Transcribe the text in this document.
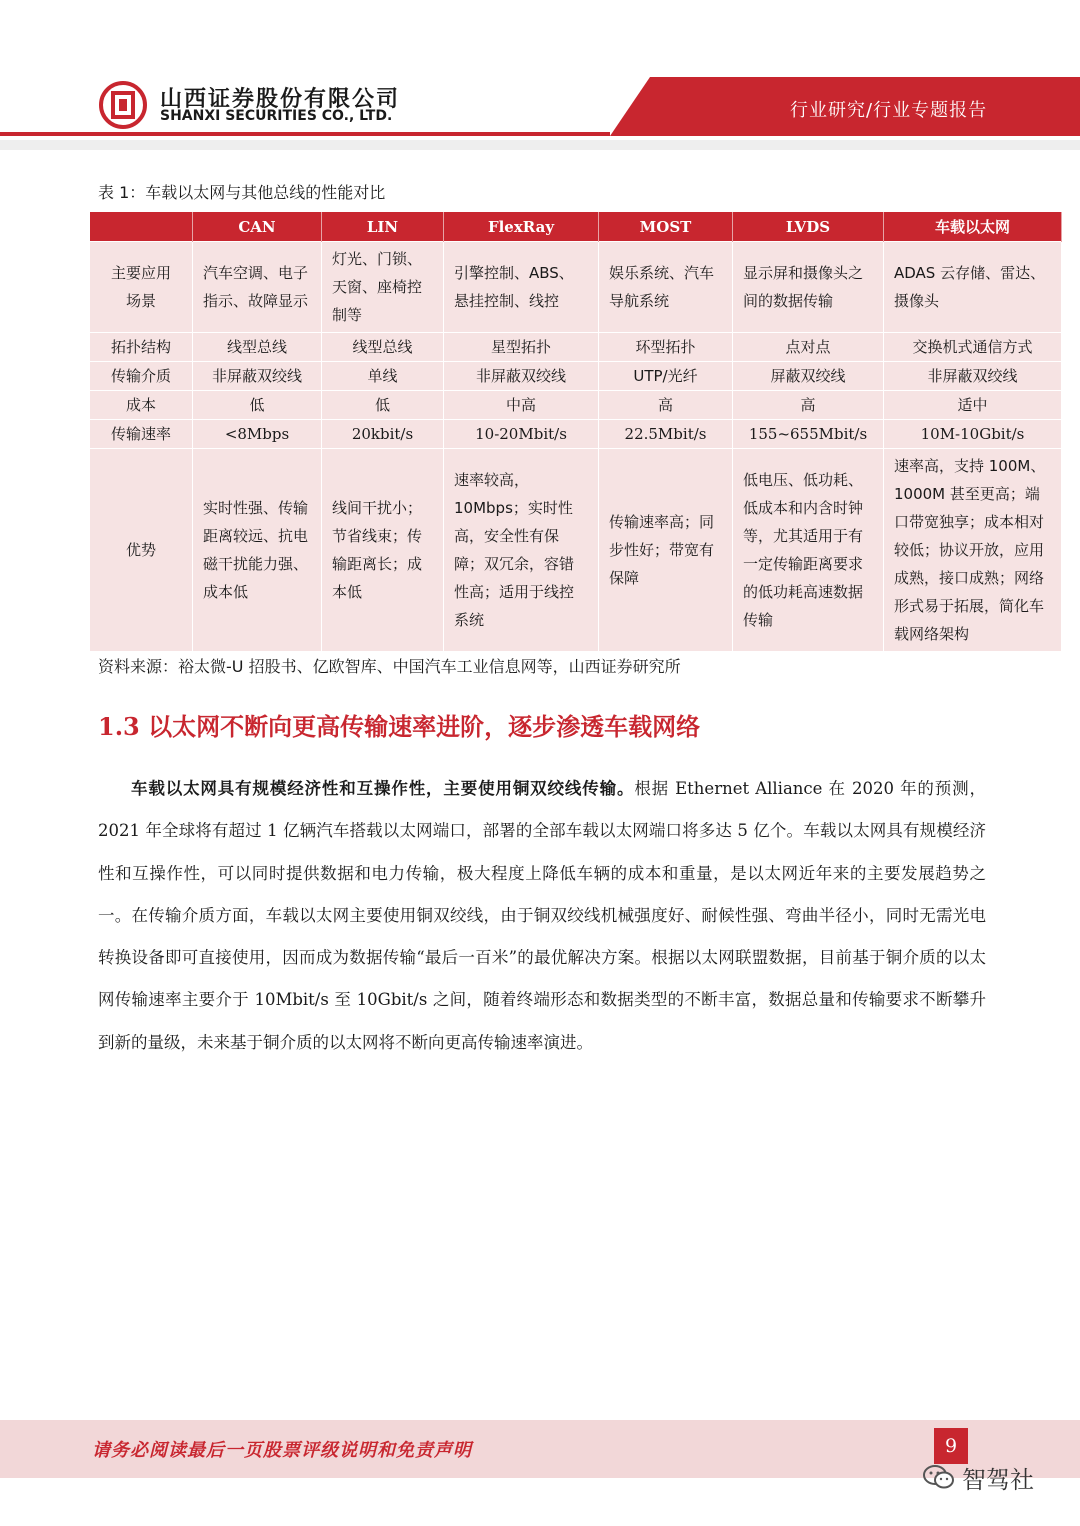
山西证券股份有限公司
SHANXI SECURITIES CO., LTD.	行业研究/行业专题报告
表 1：车载以太网与其他总线的性能对比
	CAN	LIN	FlexRay	MOST	LVDS	车载以太网
主要应用场景	汽车空调、电子指示、故障显示	灯光、门锁、天窗、座椅控制等	引擎控制、ABS、悬挂控制、线控	娱乐系统、汽车导航系统	显示屏和摄像头之间的数据传输	ADAS 云存储、雷达、摄像头
拓扑结构	线型总线	线型总线	星型拓扑	环型拓扑	点对点	交换机式通信方式
传输介质	非屏蔽双绞线	单线	非屏蔽双绞线	UTP/光纤	屏蔽双绞线	非屏蔽双绞线
成本	低	低	中高	高	高	适中
传输速率	<8Mbps	20kbit/s	10-20Mbit/s	22.5Mbit/s	155~655Mbit/s	10M-10Gbit/s
优势	实时性强、传输距离较远、抗电磁干扰能力强、成本低	线间干扰小；节省线束；传输距离长；成本低	速率较高，10Mbps；实时性高，安全性有保障；双冗余，容错性高；适用于线控系统	传输速率高；同步性好；带宽有保障	低电压、低功耗、低成本和内含时钟等，尤其适用于有一定传输距离要求的低功耗高速数据传输	速率高，支持 100M、1000M 甚至更高；端口带宽独享；成本相对较低；协议开放，应用成熟，接口成熟；网络形式易于拓展，简化车载网络架构
资料来源：裕太微-U 招股书、亿欧智库、中国汽车工业信息网等，山西证券研究所
1.3 以太网不断向更高传输速率进阶，逐步渗透车载网络
车载以太网具有规模经济性和互操作性，主要使用铜双绞线传输。根据 Ethernet Alliance 在 2020 年的预测，2021 年全球将有超过 1 亿辆汽车搭载以太网端口，部署的全部车载以太网端口将多达 5 亿个。车载以太网具有规模经济性和互操作性，可以同时提供数据和电力传输，极大程度上降低车辆的成本和重量，是以太网近年来的主要发展趋势之一。在传输介质方面，车载以太网主要使用铜双绞线，由于铜双绞线机械强度好、耐候性强、弯曲半径小，同时无需光电转换设备即可直接使用，因而成为数据传输“最后一百米”的最优解决方案。根据以太网联盟数据，目前基于铜介质的以太网传输速率主要介于 10Mbit/s 至 10Gbit/s 之间，随着终端形态和数据类型的不断丰富，数据总量和传输要求不断攀升到新的量级，未来基于铜介质的以太网将不断向更高传输速率演进。
请务必阅读最后一页股票评级说明和免责声明	9
智驾社
